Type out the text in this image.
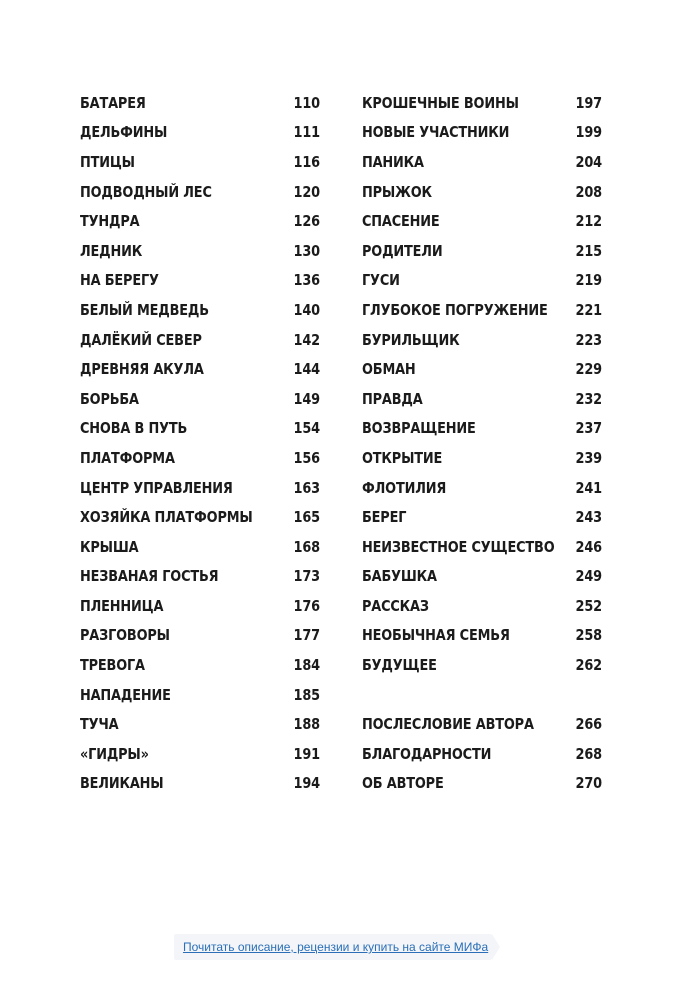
БАТАРЕЯ	110
ДЕЛЬФИНЫ	111
ПТИЦЫ	116
ПОДВОДНЫЙ ЛЕС	120
ТУНДРА	126
ЛЕДНИК	130
НА БЕРЕГУ	136
БЕЛЫЙ МЕДВЕДЬ	140
ДАЛЁКИЙ СЕВЕР	142
ДРЕВНЯЯ АКУЛА	144
БОРЬБА	149
СНОВА В ПУТЬ	154
ПЛАТФОРМА	156
ЦЕНТР УПРАВЛЕНИЯ	163
ХОЗЯЙКА ПЛАТФОРМЫ	165
КРЫША	168
НЕЗВАНАЯ ГОСТЬЯ	173
ПЛЕННИЦА	176
РАЗГОВОРЫ	177
ТРЕВОГА	184
НАПАДЕНИЕ	185
ТУЧА	188
«ГИДРЫ»	191
ВЕЛИКАНЫ	194
КРОШЕЧНЫЕ ВОИНЫ	197
НОВЫЕ УЧАСТНИКИ	199
ПАНИКА	204
ПРЫЖОК	208
СПАСЕНИЕ	212
РОДИТЕЛИ	215
ГУСИ	219
ГЛУБОКОЕ ПОГРУЖЕНИЕ 221
БУРИЛЬЩИК	223
ОБМАН	229
ПРАВДА	232
ВОЗВРАЩЕНИЕ	237
ОТКРЫТИЕ	239
ФЛОТИЛИЯ	241
БЕРЕГ	243
НЕИЗВЕСТНОЕ СУЩЕСТВО 246
БАБУШКА	249
РАССКАЗ	252
НЕОБЫЧНАЯ СЕМЬЯ	258
БУДУЩЕЕ	262
ПОСЛЕСЛОВИЕ АВТОРА	266
БЛАГОДАРНОСТИ	268
ОБ АВТОРЕ	270
Почитать описание, рецензии и купить на сайте МИФа
